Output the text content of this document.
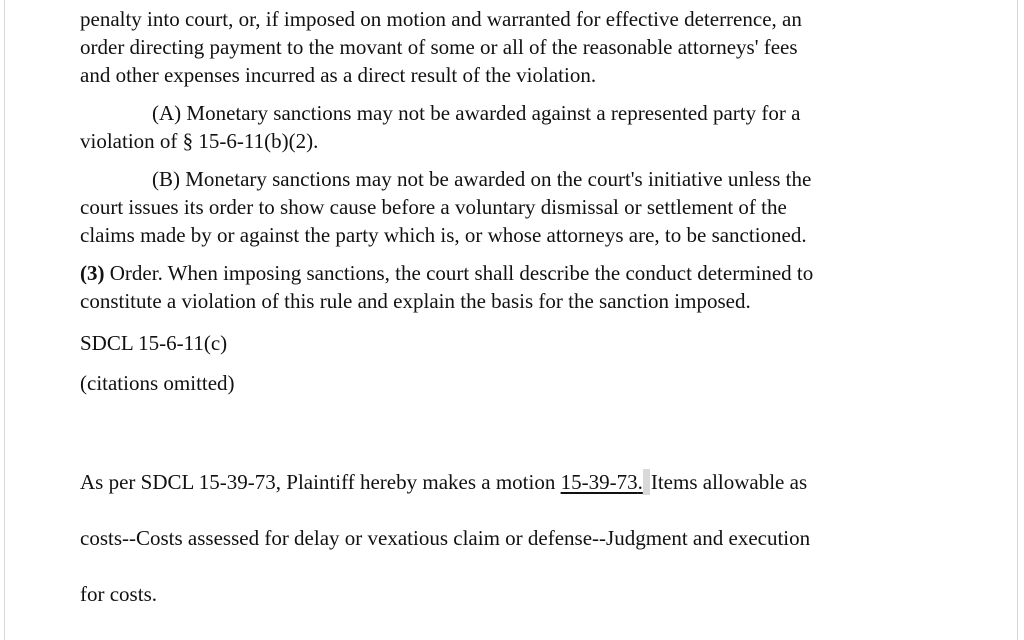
penalty into court, or, if imposed on motion and warranted for effective deterrence, an

order directing payment to the movant of some or all of the reasonable attorneys' fees

and other expenses incurred as a direct result of the violation.

(A) Monetary sanctions may not be awarded against a represented party for a

violation of § 15-6-11(b)(2).

(B) Monetary sanctions may not be awarded on the court's initiative unless the

court issues its order to show cause before a voluntary dismissal or settlement of the

claims made by or against the party which is, or whose attorneys are, to be sanctioned.

(3) Order. When imposing sanctions, the court shall describe the conduct determined to

constitute a violation of this rule and explain the basis for the sanction imposed.

SDCL 15-6-11(c)

(citations omitted)

As per SDCL 15-39-73, Plaintiff hereby makes a motion 15-39-73. Items allowable as
costs--Costs assessed for delay or vexatious claim or defense--Judgment and execution
for costs.
